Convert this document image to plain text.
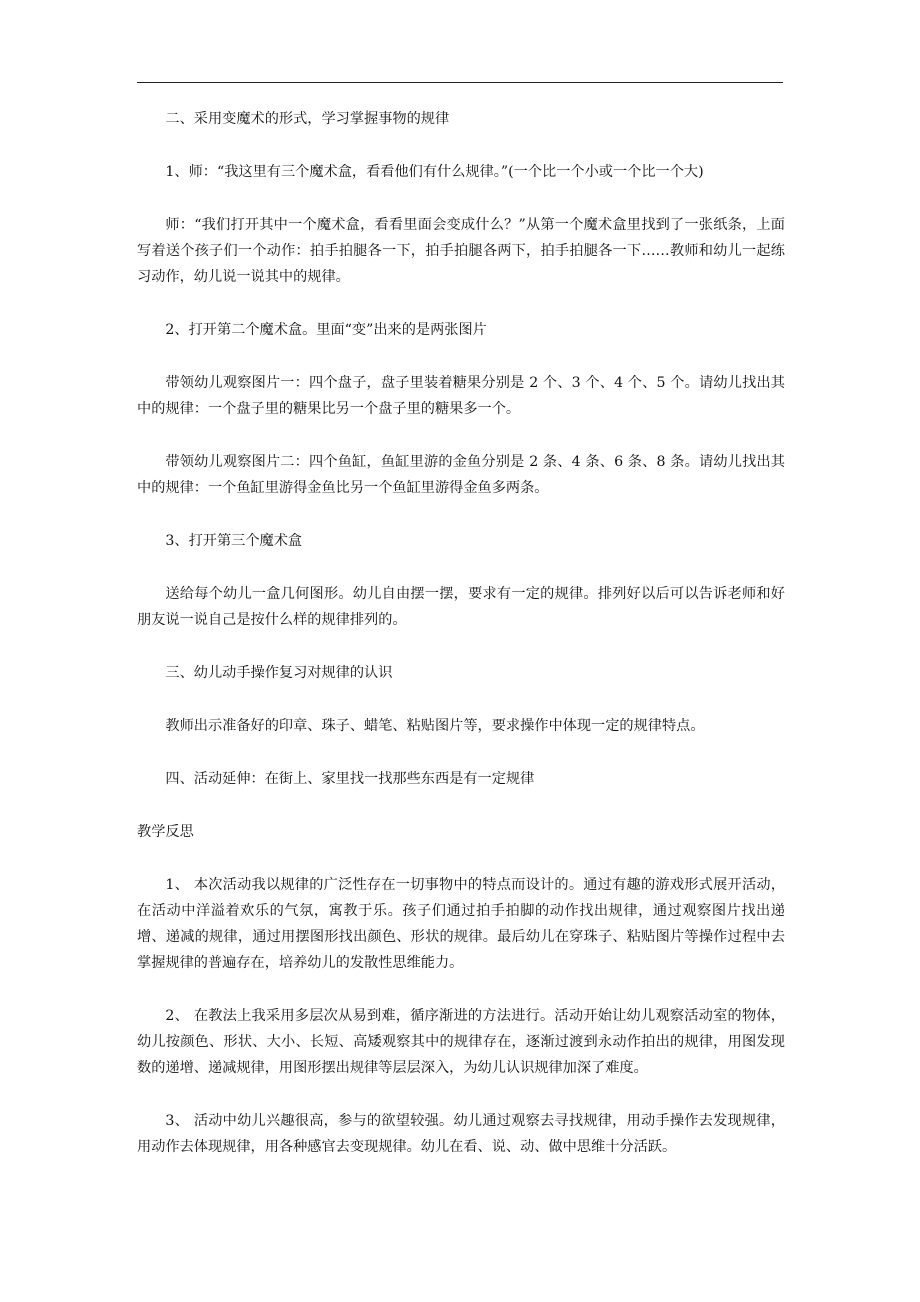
二、采用变魔术的形式，学习掌握事物的规律

1、师：“我这里有三个魔术盒，看看他们有什么规律。”(一个比一个小或一个比一个大)

师：“我们打开其中一个魔术盒，看看里面会变成什么？”从第一个魔术盒里找到了一张纸条，上面写着送个孩子们一个动作：拍手拍腿各一下，拍手拍腿各两下，拍手拍腿各一下……教师和幼儿一起练习动作，幼儿说一说其中的规律。

2、打开第二个魔术盒。里面“变”出来的是两张图片

带领幼儿观察图片一：四个盘子，盘子里装着糖果分别是 2 个、3 个、4 个、5 个。请幼儿找出其中的规律：一个盘子里的糖果比另一个盘子里的糖果多一个。

带领幼儿观察图片二：四个鱼缸，鱼缸里游的金鱼分别是 2 条、4 条、6 条、8 条。请幼儿找出其中的规律：一个鱼缸里游得金鱼比另一个鱼缸里游得金鱼多两条。

3、打开第三个魔术盒

送给每个幼儿一盒几何图形。幼儿自由摆一摆，要求有一定的规律。排列好以后可以告诉老师和好朋友说一说自己是按什么样的规律排列的。

三、幼儿动手操作复习对规律的认识

教师出示准备好的印章、珠子、蜡笔、粘贴图片等，要求操作中体现一定的规律特点。

四、活动延伸：在街上、家里找一找那些东西是有一定规律

教学反思

1、 本次活动我以规律的广泛性存在一切事物中的特点而设计的。通过有趣的游戏形式展开活动，在活动中洋溢着欢乐的气氛，寓教于乐。孩子们通过拍手拍脚的动作找出规律，通过观察图片找出递增、递减的规律，通过用摆图形找出颜色、形状的规律。最后幼儿在穿珠子、粘贴图片等操作过程中去掌握规律的普遍存在，培养幼儿的发散性思维能力。

2、 在教法上我采用多层次从易到难，循序渐进的方法进行。活动开始让幼儿观察活动室的物体，幼儿按颜色、形状、大小、长短、高矮观察其中的规律存在，逐渐过渡到永动作拍出的规律，用图发现数的递增、递减规律，用图形摆出规律等层层深入，为幼儿认识规律加深了难度。

3、 活动中幼儿兴趣很高，参与的欲望较强。幼儿通过观察去寻找规律，用动手操作去发现规律，用动作去体现规律，用各种感官去变现规律。幼儿在看、说、动、做中思维十分活跃。
